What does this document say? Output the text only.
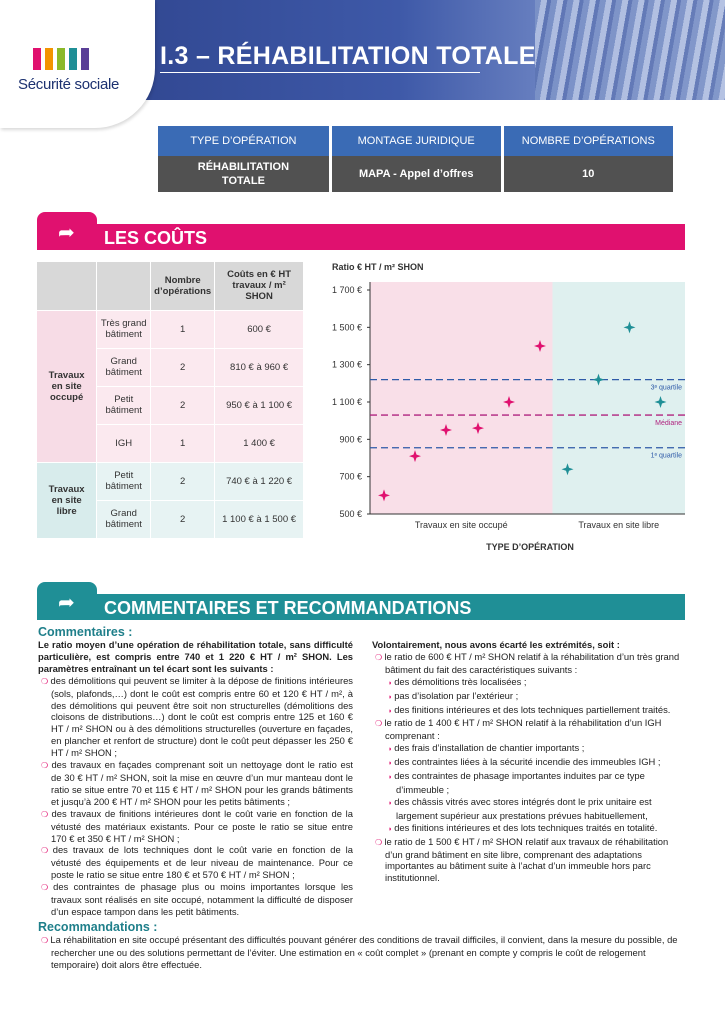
Sécurité sociale
I.3 – RÉHABILITATION TOTALE
TYPE D’OPÉRATION	MONTAGE JURIDIQUE	NOMBRE D’OPÉRATIONS
RÉHABILITATION TOTALE	MAPA - Appel d’offres	10
➦ LES COÛTS
		Nombre d’opérations	Coûts en € HT travaux / m² SHON
Travaux en site occupé	Très grand bâtiment	1	600 €
	Grand bâtiment	2	810 € à 960 €
	Petit bâtiment	2	950 € à 1 100 €
	IGH	1	1 400 €
Travaux en site libre	Petit bâtiment	2	740 € à 1 220 €
	Grand bâtiment	2	1 100 € à 1 500 €
Ratio € HT / m² SHON
500 €
700 €
900 €
1 100 €
1 300 €
1 500 €
1 700 €
Travaux en site occupé	Travaux en site libre
TYPE D’OPÉRATION
3ᵉ quartile
Médiane
1ᵉ quartile
➦ COMMENTAIRES ET RECOMMANDATIONS
Commentaires :

Le ratio moyen d’une opération de réhabilitation totale, sans difficulté particulière, est compris entre 740 et 1 220 € HT / m² SHON. Les paramètres entraînant un tel écart sont les suivants :

❍ des démolitions qui peuvent se limiter à la dépose de finitions intérieures (sols, plafonds,…) dont le coût est compris entre 60 et 120 € HT / m², à des démolitions qui peuvent être soit non structurelles (démolitions des cloisons de distributions…) dont le coût est compris entre 125 et 160 € HT / m² SHON ou à des démolitions structurelles (ouverture en façades, en plancher et renfort de structure) dont le coût peut dépasser les 250 € HT / m² SHON ;
❍ des travaux en façades comprenant soit un nettoyage dont le ratio est de 30 € HT / m² SHON, soit la mise en œuvre d’un mur manteau dont le ratio se situe entre 70 et 115 € HT / m² SHON pour les grands bâtiments et jusqu’à 200 € HT / m² SHON pour les petits bâtiments ;
❍ des travaux de finitions intérieures dont le coût varie en fonction de la vétusté des matériaux existants. Pour ce poste le ratio se situe entre 170 € et 350 € HT / m² SHON ;
❍ des travaux de lots techniques dont le coût varie en fonction de la vétusté des équipements et de leur niveau de maintenance. Pour ce poste le ratio se situe entre 180 € et 570 € HT / m² SHON ;
❍ des contraintes de phasage plus ou moins importantes lorsque les travaux sont réalisés en site occupé, notamment la difficulté de disposer d’un espace tampon dans les petit bâtiments.

Volontairement, nous avons écarté les extrémités, soit :

❍ le ratio de 600 € HT / m² SHON relatif à la réhabilitation d’un très grand bâtiment du fait des caractéristiques suivants :
◗ des démolitions très localisées ;
◗ pas d’isolation par l’extérieur ;
◗ des finitions intérieures et des lots techniques partiellement traités.
❍ le ratio de 1 400 € HT / m² SHON relatif à la réhabilitation d’un IGH comprenant :
◗ des frais d’installation de chantier importants ;
◗ des contraintes liées à la sécurité incendie des immeubles IGH ;
◗ des contraintes de phasage importantes induites par ce type d’immeuble ;
◗ des châssis vitrés avec stores intégrés dont le prix unitaire est largement supérieur aux prestations prévues habituellement,
◗ des finitions intérieures et des lots techniques traités en totalité.
❍ le ratio de 1 500 € HT / m² SHON relatif aux travaux de réhabilitation d’un grand bâtiment en site libre, comprenant des adaptations importantes au bâtiment suite à l’achat d’un immeuble hors parc institutionnel.
Recommandations :
❍ La réhabilitation en site occupé présentant des difficultés pouvant générer des conditions de travail difficiles, il convient, dans la mesure du possible, de rechercher une ou des solutions permettant de l’éviter. Une estimation en « coût complet » (prenant en compte y compris le coût de relogement temporaire) doit alors être effectuée.
